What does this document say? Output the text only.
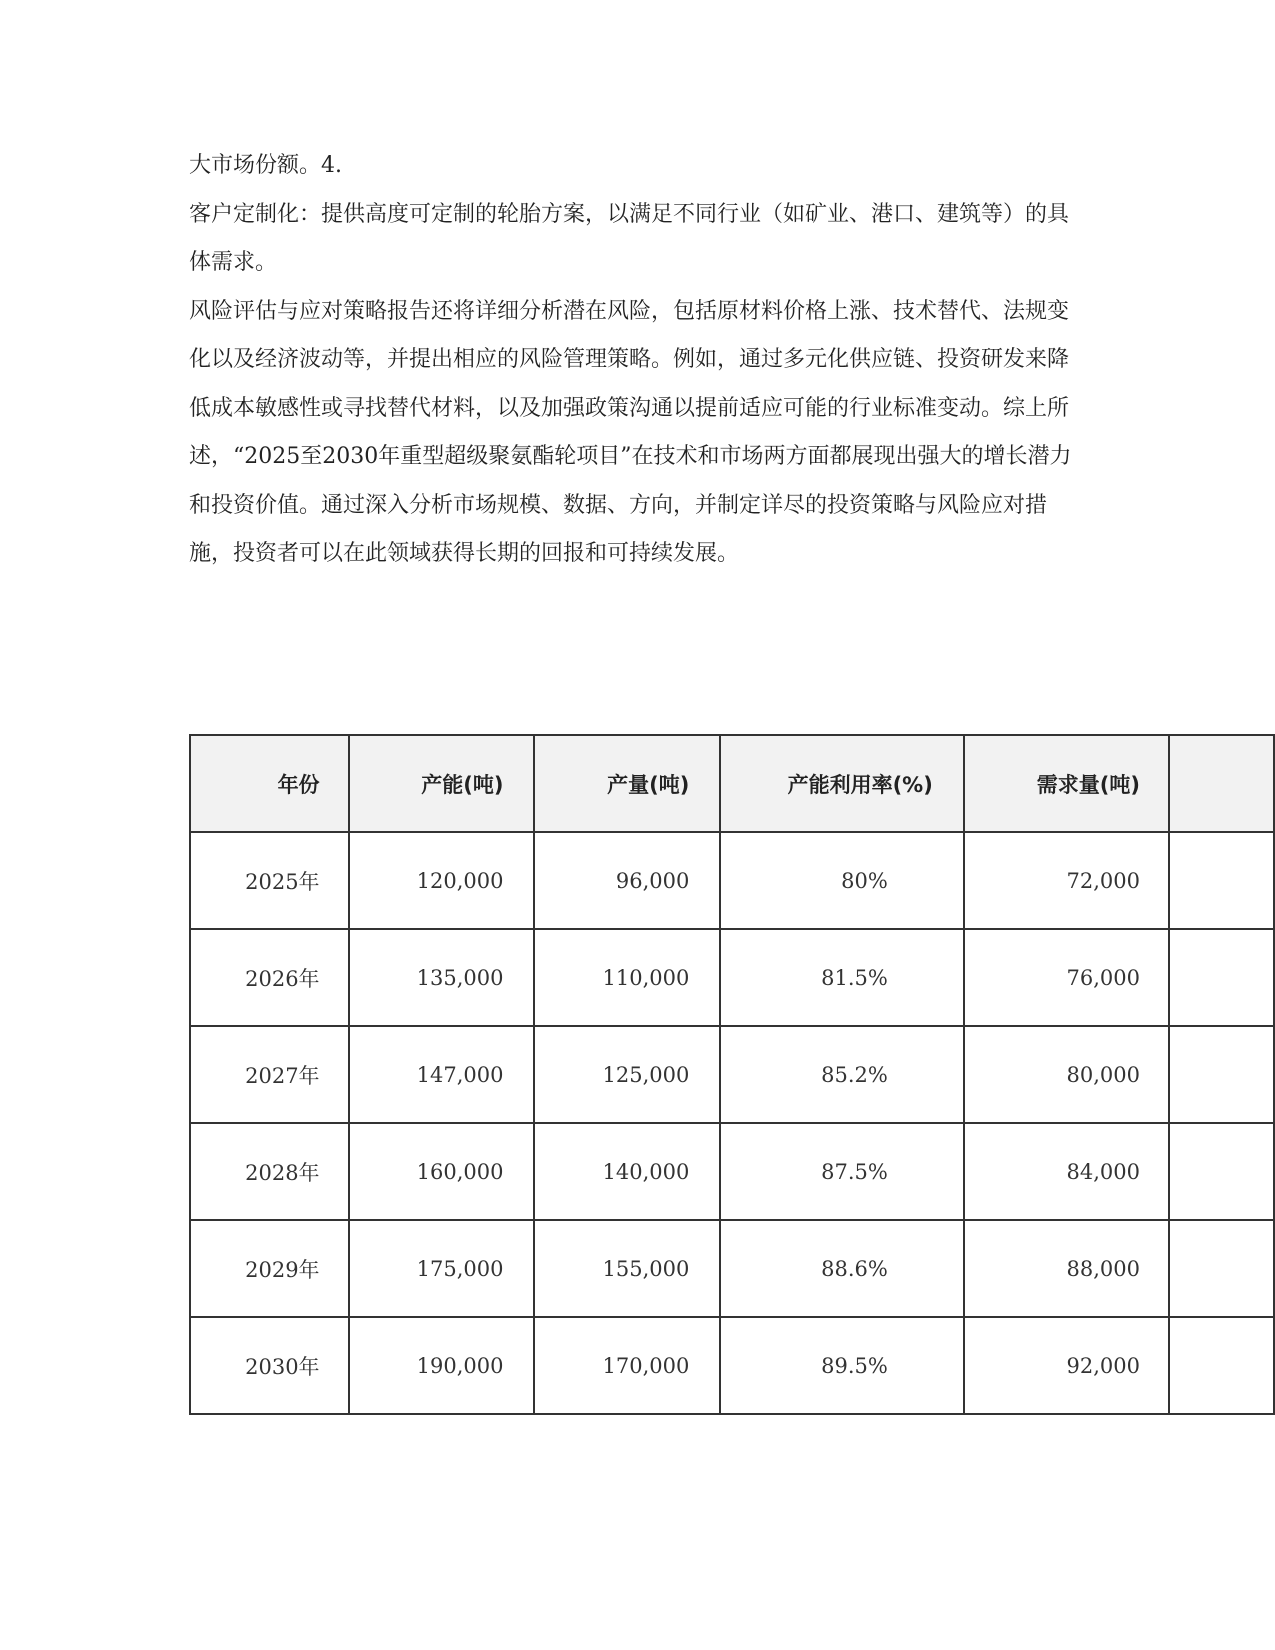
大市场份额。4.

客户定制化：提供高度可定制的轮胎方案，以满足不同行业（如矿业、港口、建筑等）的具体需求。

风险评估与应对策略报告还将详细分析潜在风险，包括原材料价格上涨、技术替代、法规变化以及经济波动等，并提出相应的风险管理策略。例如，通过多元化供应链、投资研发来降低成本敏感性或寻找替代材料，以及加强政策沟通以提前适应可能的行业标准变动。综上所述，“2025至2030年重型超级聚氨酯轮项目”在技术和市场两方面都展现出强大的增长潜力和投资价值。通过深入分析市场规模、数据、方向，并制定详尽的投资策略与风险应对措施，投资者可以在此领域获得长期的回报和可持续发展。

年份	产能(吨)	产量(吨)	产能利用率(%)	需求量(吨)	
2025年	120,000	96,000	80%	72,000	
2026年	135,000	110,000	81.5%	76,000	
2027年	147,000	125,000	85.2%	80,000	
2028年	160,000	140,000	87.5%	84,000	
2029年	175,000	155,000	88.6%	88,000	
2030年	190,000	170,000	89.5%	92,000	
